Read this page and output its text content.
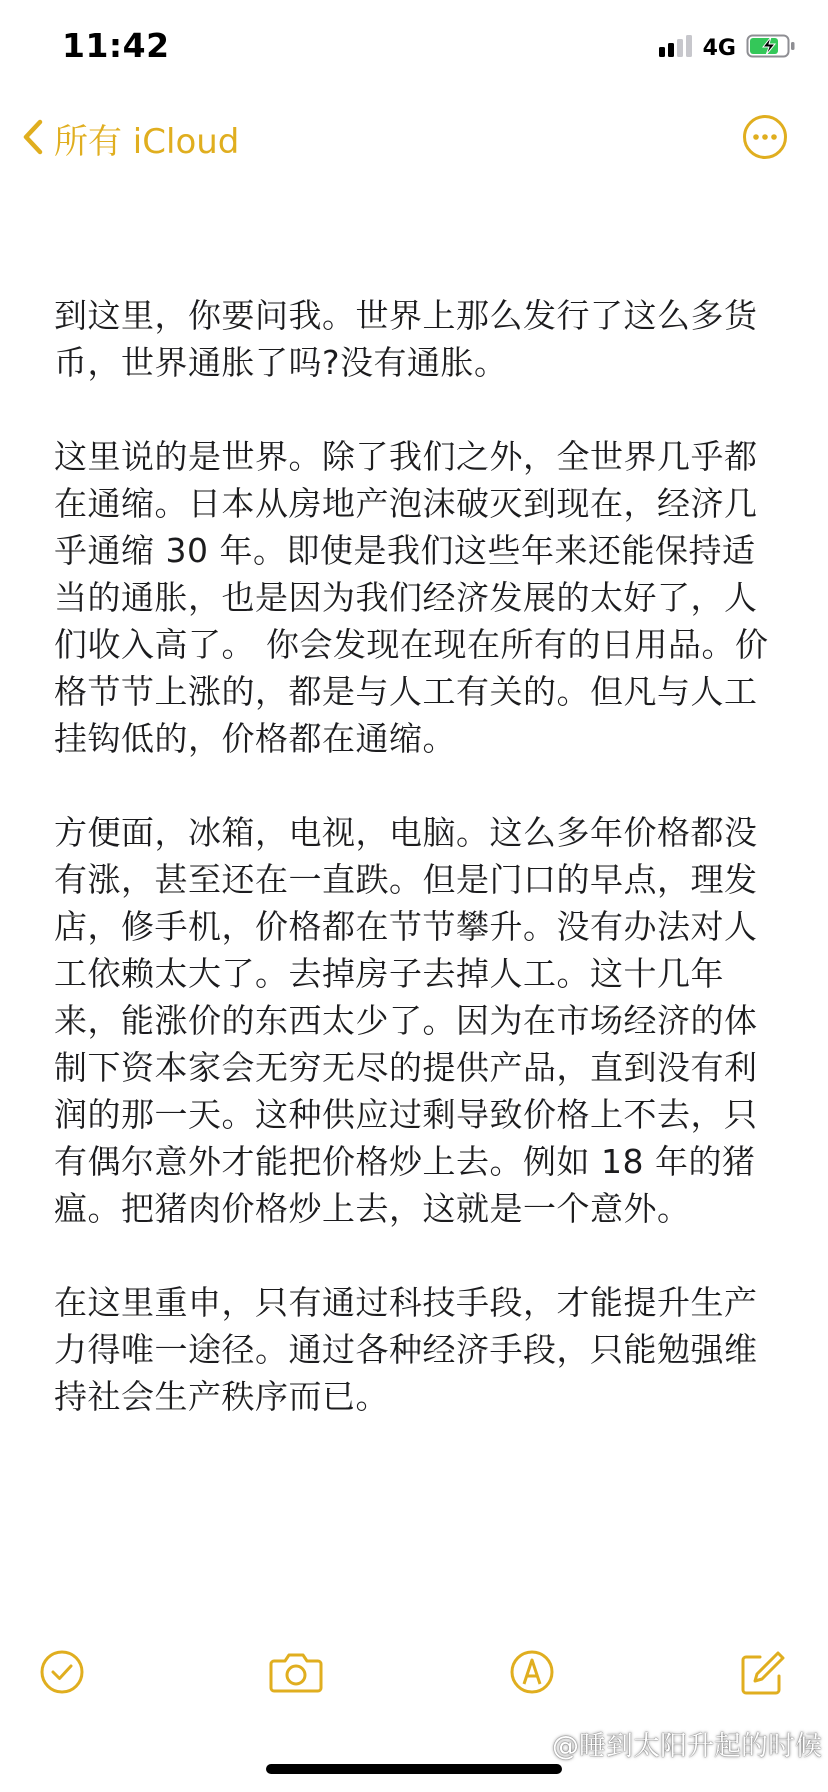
11:42	4G
所有 iCloud

到这里，你要问我。世界上那么发行了这么多货币，世界通胀了吗?没有通胀。

这里说的是世界。除了我们之外，全世界几乎都在通缩。日本从房地产泡沫破灭到现在，经济几乎通缩 30 年。即使是我们这些年来还能保持适当的通胀，也是因为我们经济发展的太好了，人们收入高了。 你会发现在现在所有的日用品。价格节节上涨的，都是与人工有关的。但凡与人工挂钩低的，价格都在通缩。

方便面，冰箱，电视，电脑。这么多年价格都没有涨，甚至还在一直跌。但是门口的早点，理发店，修手机，价格都在节节攀升。没有办法对人工依赖太大了。去掉房子去掉人工。这十几年来，能涨价的东西太少了。因为在市场经济的体制下资本家会无穷无尽的提供产品，直到没有利润的那一天。这种供应过剩导致价格上不去，只有偶尔意外才能把价格炒上去。例如 18 年的猪瘟。把猪肉价格炒上去，这就是一个意外。

在这里重申，只有通过科技手段，才能提升生产力得唯一途径。通过各种经济手段，只能勉强维持社会生产秩序而已。

@睡到太阳升起的时候
